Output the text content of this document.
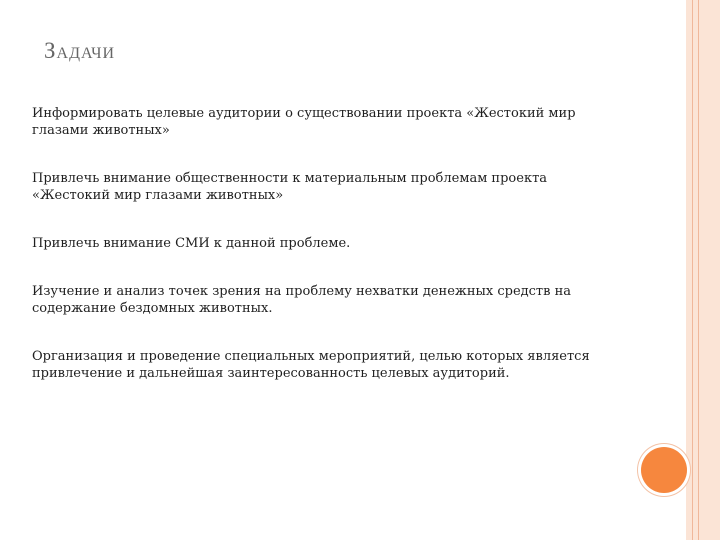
Задачи
Информировать целевые аудитории о существовании проекта «Жестокий мир глазами животных»
Привлечь внимание общественности к материальным проблемам проекта «Жестокий мир глазами животных»
Привлечь внимание СМИ к данной проблеме.
Изучение и анализ точек зрения на проблему нехватки денежных средств на содержание бездомных животных.
Организация и проведение специальных мероприятий, целью которых является привлечение и дальнейшая заинтересованность целевых аудиторий.
